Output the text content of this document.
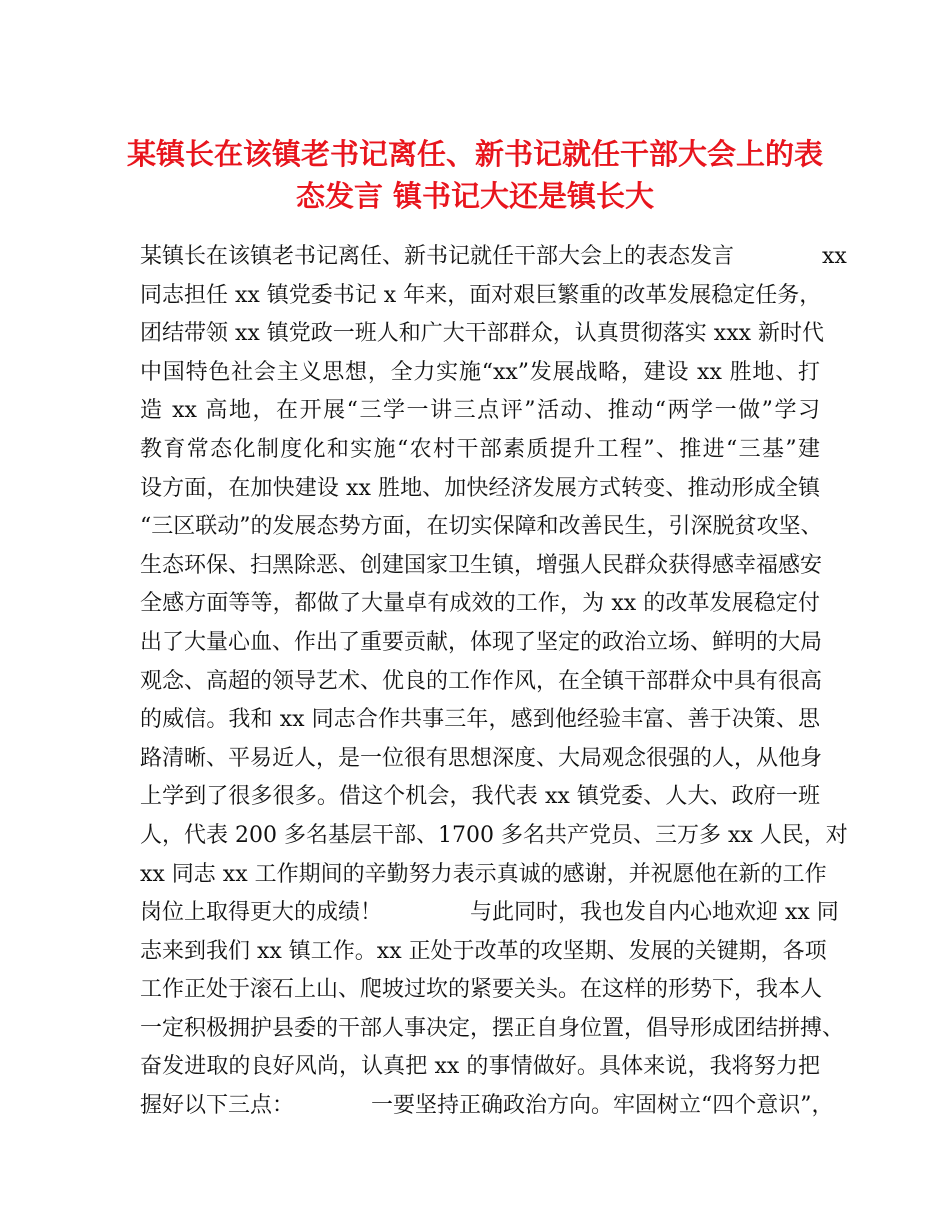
某镇长在该镇老书记离任、新书记就任干部大会上的表
态发言 镇书记大还是镇长大
某镇长在该镇老书记离任、新书记就任干部大会上的表态发言　　　　xx
同志担任 xx 镇党委书记 x 年来，面对艰巨繁重的改革发展稳定任务，
团结带领 xx 镇党政一班人和广大干部群众，认真贯彻落实 xxx 新时代
中国特色社会主义思想，全力实施“xx”发展战略，建设 xx 胜地、打
造 xx 高地，在开展“三学一讲三点评”活动、推动“两学一做”学习
教育常态化制度化和实施“农村干部素质提升工程”、推进“三基”建
设方面，在加快建设 xx 胜地、加快经济发展方式转变、推动形成全镇
“三区联动”的发展态势方面，在切实保障和改善民生，引深脱贫攻坚、
生态环保、扫黑除恶、创建国家卫生镇，增强人民群众获得感幸福感安
全感方面等等，都做了大量卓有成效的工作，为 xx 的改革发展稳定付
出了大量心血、作出了重要贡献，体现了坚定的政治立场、鲜明的大局
观念、高超的领导艺术、优良的工作作风，在全镇干部群众中具有很高
的威信。我和 xx 同志合作共事三年，感到他经验丰富、善于决策、思
路清晰、平易近人，是一位很有思想深度、大局观念很强的人，从他身
上学到了很多很多。借这个机会，我代表 xx 镇党委、人大、政府一班
人，代表 200 多名基层干部、1700 多名共产党员、三万多 xx 人民，对
xx 同志 xx 工作期间的辛勤努力表示真诚的感谢，并祝愿他在新的工作
岗位上取得更大的成绩！　　　　与此同时，我也发自内心地欢迎 xx 同
志来到我们 xx 镇工作。xx 正处于改革的攻坚期、发展的关键期，各项
工作正处于滚石上山、爬坡过坎的紧要关头。在这样的形势下，我本人
一定积极拥护县委的干部人事决定，摆正自身位置，倡导形成团结拼搏、
奋发进取的良好风尚，认真把 xx 的事情做好。具体来说，我将努力把
握好以下三点：　　　　一要坚持正确政治方向。牢固树立“四个意识”，
